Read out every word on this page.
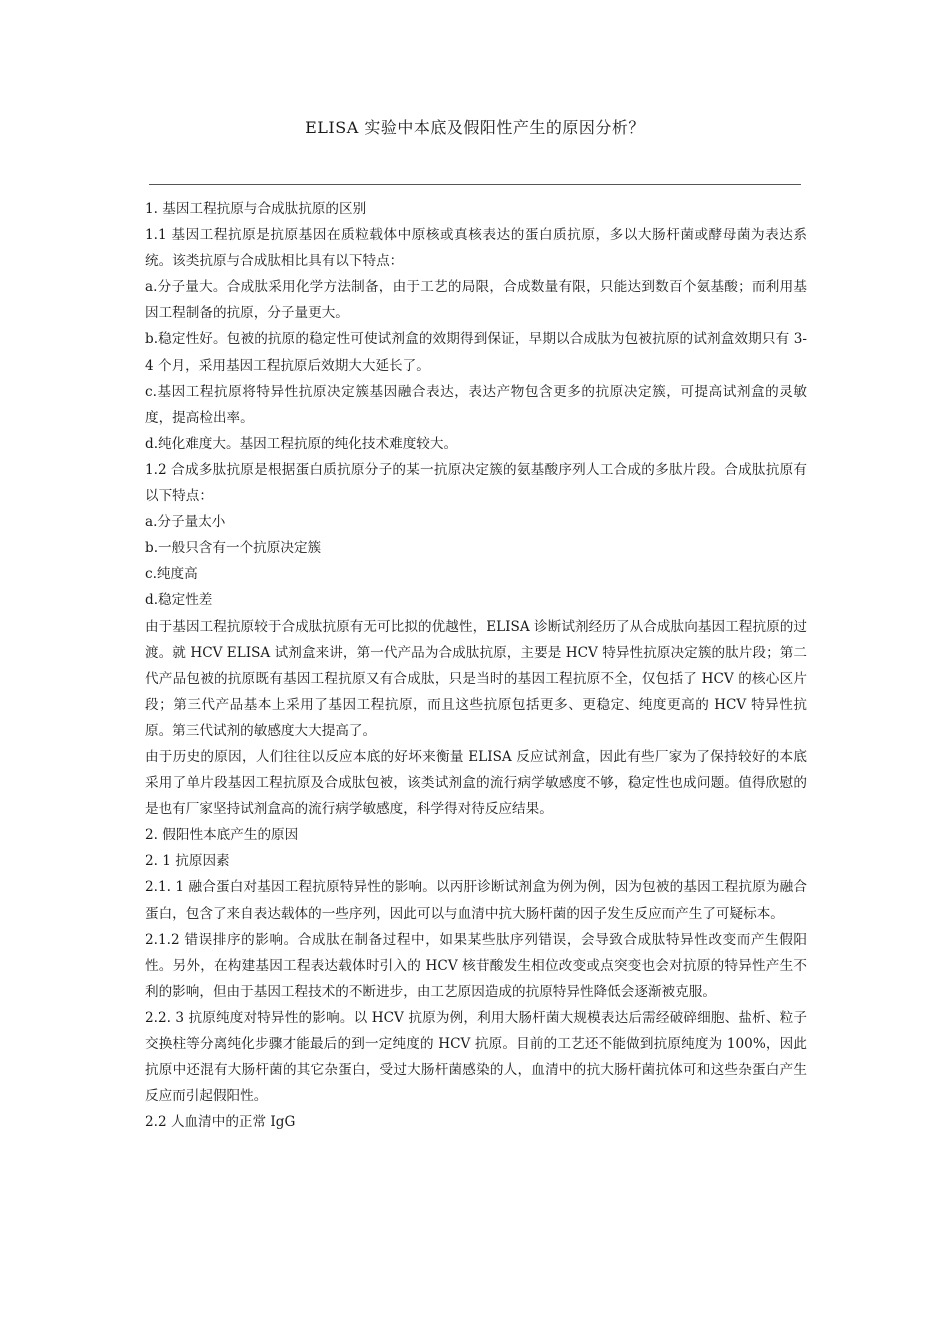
ELISA 实验中本底及假阳性产生的原因分析？

1. 基因工程抗原与合成肽抗原的区别

1.1 基因工程抗原是抗原基因在质粒载体中原核或真核表达的蛋白质抗原，多以大肠杆菌或酵母菌为表达系统。该类抗原与合成肽相比具有以下特点：

a.分子量大。合成肽采用化学方法制备，由于工艺的局限，合成数量有限，只能达到数百个氨基酸；而利用基因工程制备的抗原，分子量更大。

b.稳定性好。包被的抗原的稳定性可使试剂盒的效期得到保证，早期以合成肽为包被抗原的试剂盒效期只有 3-4 个月，采用基因工程抗原后效期大大延长了。

c.基因工程抗原将特异性抗原决定簇基因融合表达，表达产物包含更多的抗原决定簇，可提高试剂盒的灵敏度，提高检出率。

d.纯化难度大。基因工程抗原的纯化技术难度较大。

1.2 合成多肽抗原是根据蛋白质抗原分子的某一抗原决定簇的氨基酸序列人工合成的多肽片段。合成肽抗原有以下特点：

a.分子量太小

b.一般只含有一个抗原决定簇

c.纯度高

d.稳定性差

由于基因工程抗原较于合成肽抗原有无可比拟的优越性，ELISA 诊断试剂经历了从合成肽向基因工程抗原的过渡。就 HCV ELISA 试剂盒来讲，第一代产品为合成肽抗原，主要是 HCV 特异性抗原决定簇的肽片段；第二代产品包被的抗原既有基因工程抗原又有合成肽，只是当时的基因工程抗原不全，仅包括了 HCV 的核心区片段；第三代产品基本上采用了基因工程抗原，而且这些抗原包括更多、更稳定、纯度更高的 HCV 特异性抗原。第三代试剂的敏感度大大提高了。

由于历史的原因，人们往往以反应本底的好坏来衡量 ELISA 反应试剂盒，因此有些厂家为了保持较好的本底采用了单片段基因工程抗原及合成肽包被，该类试剂盒的流行病学敏感度不够，稳定性也成问题。值得欣慰的是也有厂家坚持试剂盒高的流行病学敏感度，科学得对待反应结果。

2. 假阳性本底产生的原因

2. 1 抗原因素

2.1. 1 融合蛋白对基因工程抗原特异性的影响。以丙肝诊断试剂盒为例为例，因为包被的基因工程抗原为融合蛋白，包含了来自表达载体的一些序列，因此可以与血清中抗大肠杆菌的因子发生反应而产生了可疑标本。

2.1.2 错误排序的影响。合成肽在制备过程中，如果某些肽序列错误，会导致合成肽特异性改变而产生假阳性。另外，在构建基因工程表达载体时引入的 HCV 核苷酸发生相位改变或点突变也会对抗原的特异性产生不利的影响，但由于基因工程技术的不断进步，由工艺原因造成的抗原特异性降低会逐渐被克服。

2.2. 3 抗原纯度对特异性的影响。以 HCV 抗原为例，利用大肠杆菌大规模表达后需经破碎细胞、盐析、粒子交换柱等分离纯化步骤才能最后的到一定纯度的 HCV 抗原。目前的工艺还不能做到抗原纯度为 100%，因此抗原中还混有大肠杆菌的其它杂蛋白，受过大肠杆菌感染的人，血清中的抗大肠杆菌抗体可和这些杂蛋白产生反应而引起假阳性。

2.2 人血清中的正常 IgG
